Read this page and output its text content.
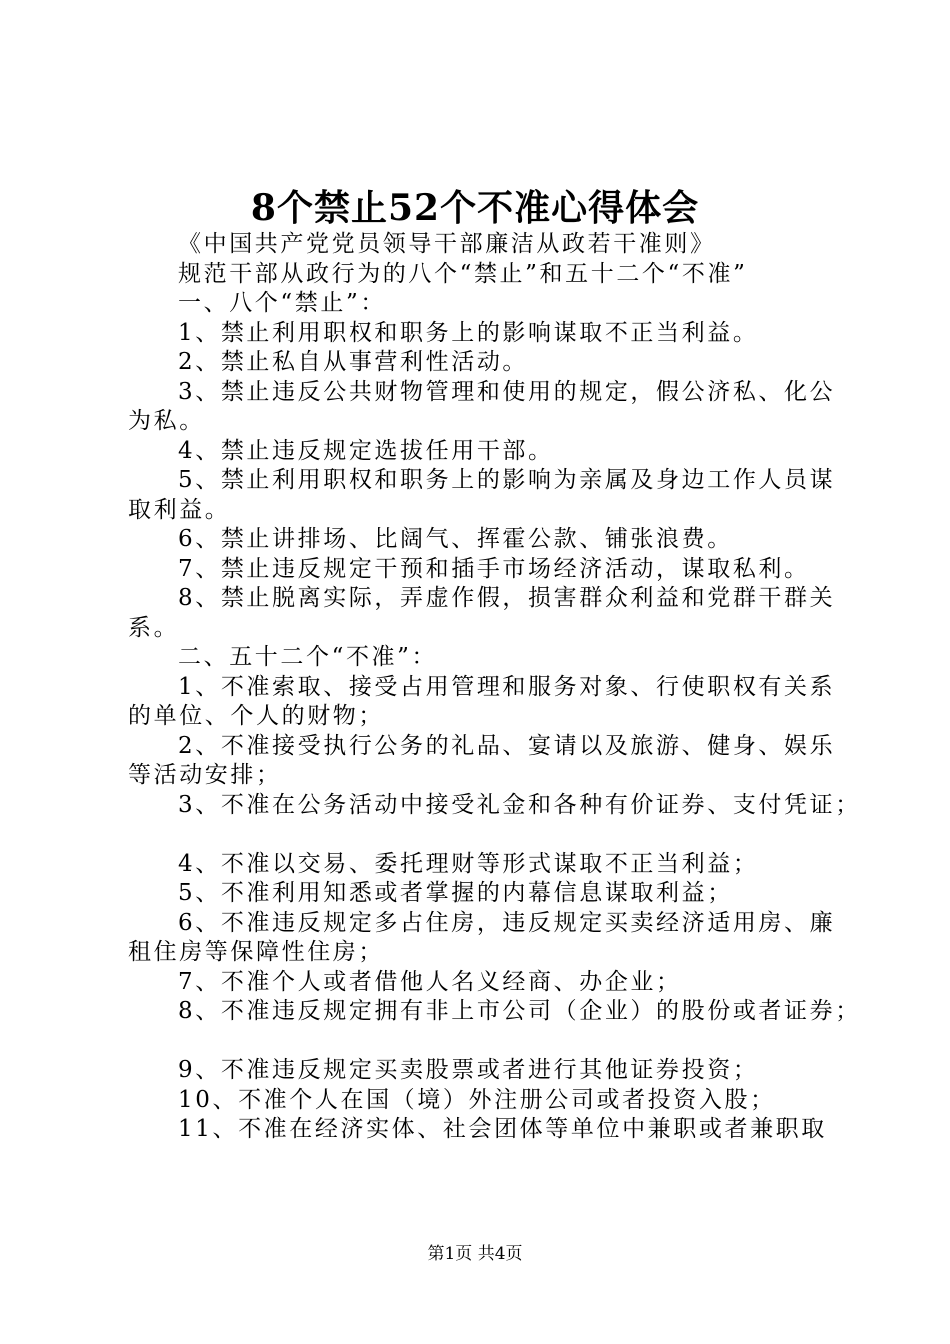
8个禁止52个不准心得体会

《中国共产党党员领导干部廉洁从政若干准则》

规范干部从政行为的八个“禁止”和五十二个“不准”

一、八个“禁止”：

1、禁止利用职权和职务上的影响谋取不正当利益。

2、禁止私自从事营利性活动。

3、禁止违反公共财物管理和使用的规定，假公济私、化公为私。

4、禁止违反规定选拔任用干部。

5、禁止利用职权和职务上的影响为亲属及身边工作人员谋取利益。

6、禁止讲排场、比阔气、挥霍公款、铺张浪费。

7、禁止违反规定干预和插手市场经济活动，谋取私利。

8、禁止脱离实际，弄虚作假，损害群众利益和党群干群关系。

二、五十二个“不准”：

1、不准索取、接受占用管理和服务对象、行使职权有关系的单位、个人的财物；

2、不准接受执行公务的礼品、宴请以及旅游、健身、娱乐等活动安排；

3、不准在公务活动中接受礼金和各种有价证券、支付凭证；

4、不准以交易、委托理财等形式谋取不正当利益；

5、不准利用知悉或者掌握的内幕信息谋取利益；

6、不准违反规定多占住房，违反规定买卖经济适用房、廉租住房等保障性住房；

7、不准个人或者借他人名义经商、办企业；

8、不准违反规定拥有非上市公司（企业）的股份或者证券；

9、不准违反规定买卖股票或者进行其他证券投资；

10、不准个人在国（境）外注册公司或者投资入股；

11、不准在经济实体、社会团体等单位中兼职或者兼职取

第1页 共4页
